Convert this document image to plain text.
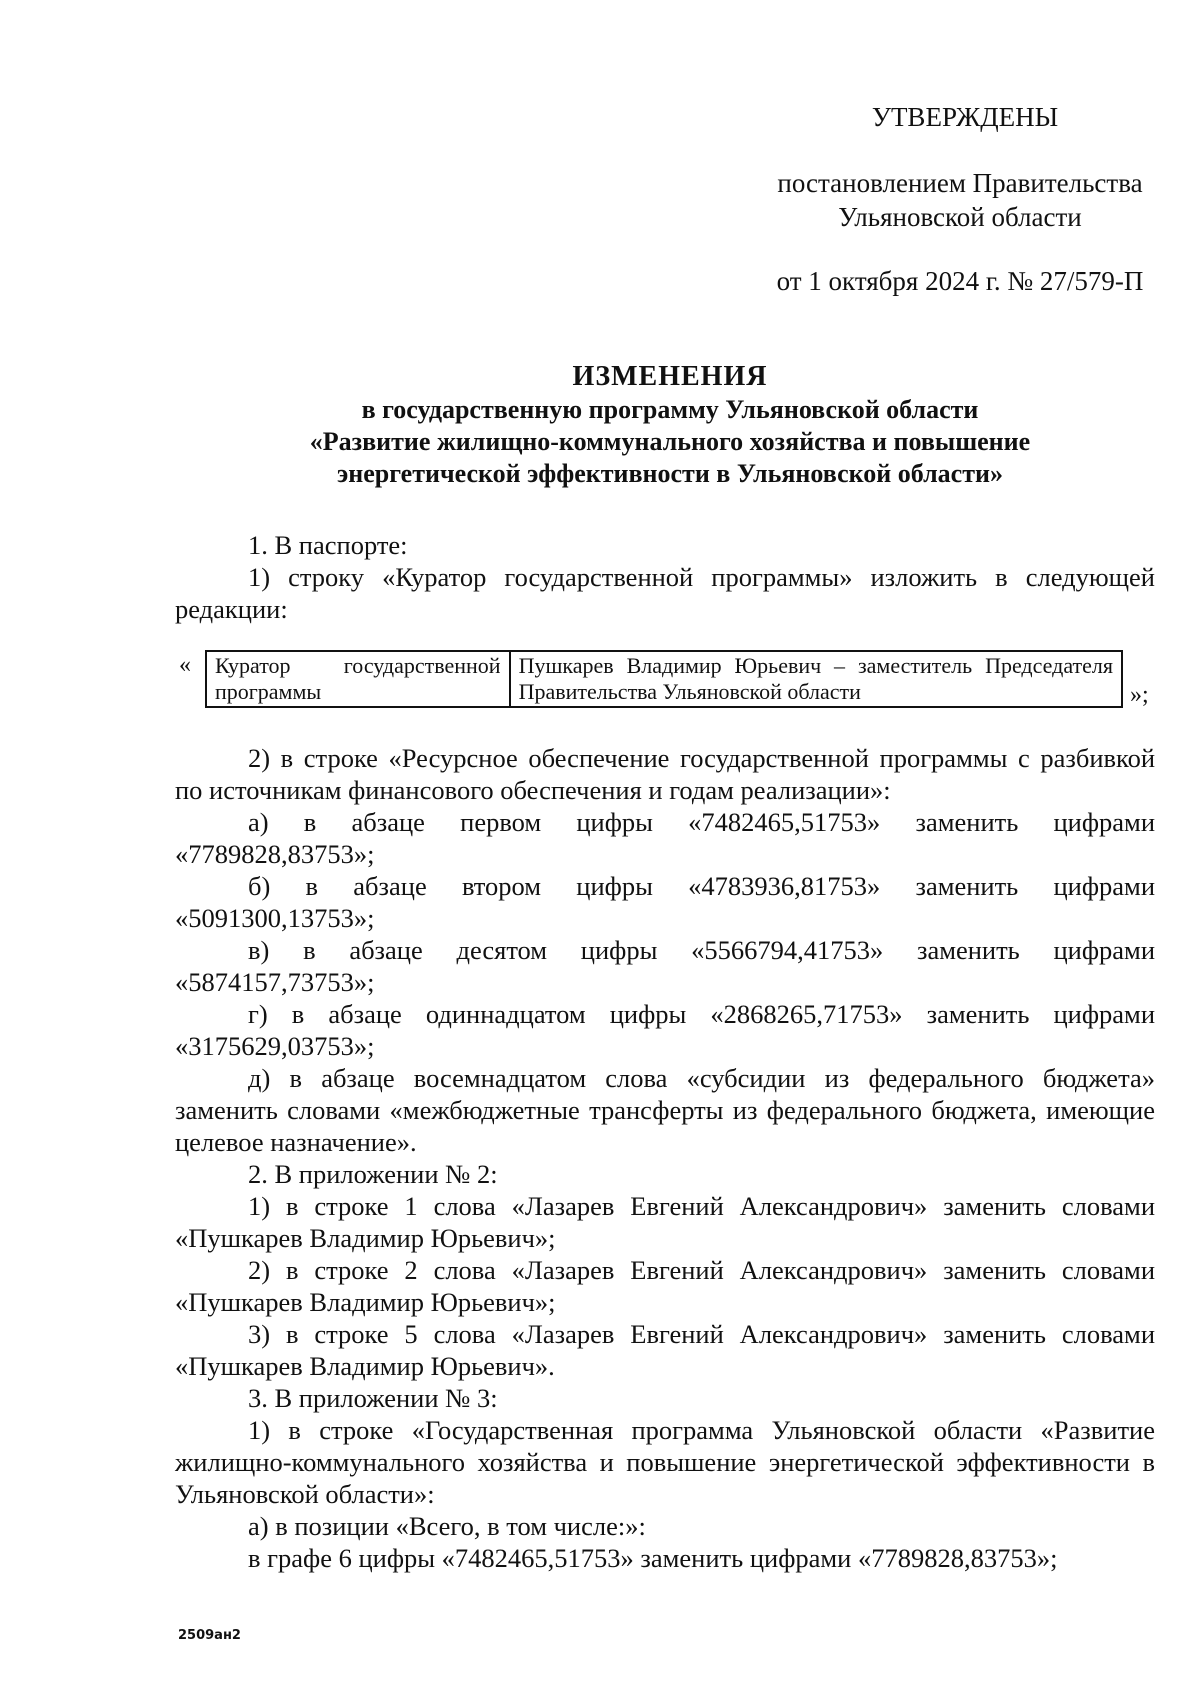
УТВЕРЖДЕНЫ
постановлением Правительства
Ульяновской области
от 1 октября 2024 г. № 27/579-П
ИЗМЕНЕНИЯ
в государственную программу Ульяновской области
«Развитие жилищно-коммунального хозяйства и повышение
энергетической эффективности в Ульяновской области»

1. В паспорте:

1) строку «Куратор государственной программы» изложить в следующей редакции:

« Куратор государственной программы	Пушкарев Владимир Юрьевич – заместитель Председателя Правительства Ульяновской области	»;

2) в строке «Ресурсное обеспечение государственной программы с разбивкой по источникам финансового обеспечения и годам реализации»:

а) в абзаце первом цифры «7482465,51753» заменить цифрами «7789828,83753»;

б) в абзаце втором цифры «4783936,81753» заменить цифрами «5091300,13753»;

в) в абзаце десятом цифры «5566794,41753» заменить цифрами «5874157,73753»;

г) в абзаце одиннадцатом цифры «2868265,71753» заменить цифрами «3175629,03753»;

д) в абзаце восемнадцатом слова «субсидии из федерального бюджета» заменить словами «межбюджетные трансферты из федерального бюджета, имеющие целевое назначение».

2. В приложении № 2:

1) в строке 1 слова «Лазарев Евгений Александрович» заменить словами «Пушкарев Владимир Юрьевич»;

2) в строке 2 слова «Лазарев Евгений Александрович» заменить словами «Пушкарев Владимир Юрьевич»;

3) в строке 5 слова «Лазарев Евгений Александрович» заменить словами «Пушкарев Владимир Юрьевич».

3. В приложении № 3:

1) в строке «Государственная программа Ульяновской области «Развитие жилищно-коммунального хозяйства и повышение энергетической эффективности в Ульяновской области»:

а) в позиции «Всего, в том числе:»:

в графе 6 цифры «7482465,51753» заменить цифрами «7789828,83753»;

2509ан2
